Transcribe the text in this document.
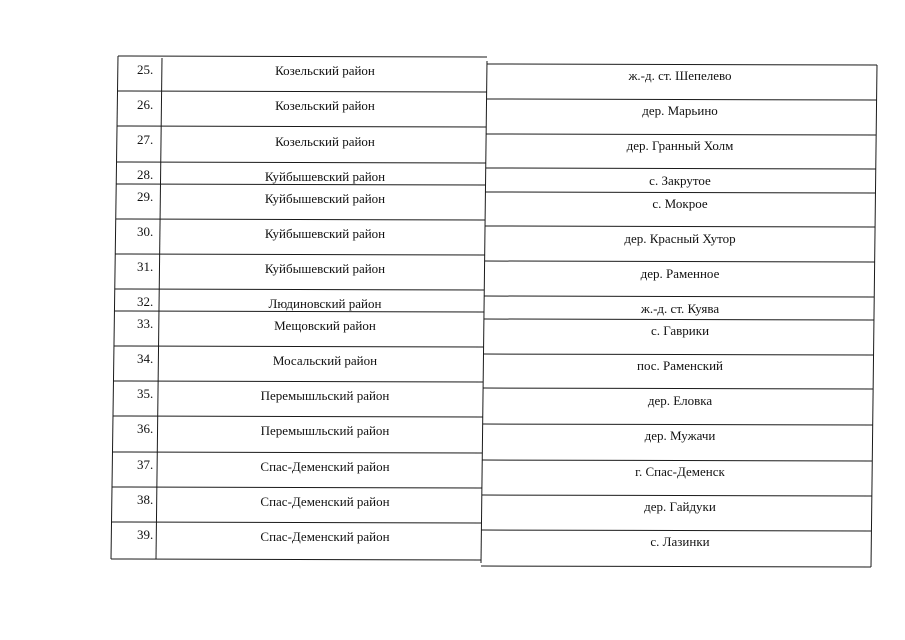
25.	Козельский район	ж.-д. ст. Шепелево
26.	Козельский район	дер. Марьино
27.	Козельский район	дер. Гранный Холм
28.	Куйбышевский район	с. Закрутое
29.	Куйбышевский район	с. Мокрое
30.	Куйбышевский район	дер. Красный Хутор
31.	Куйбышевский район	дер. Раменное
32.	Людиновский район	ж.-д. ст. Куява
33.	Мещовский район	с. Гаврики
34.	Мосальский район	пос. Раменский
35.	Перемышльский район	дер. Еловка
36.	Перемышльский район	дер. Мужачи
37.	Спас-Деменский район	г. Спас-Деменск
38.	Спас-Деменский район	дер. Гайдуки
39.	Спас-Деменский район	с. Лазинки
